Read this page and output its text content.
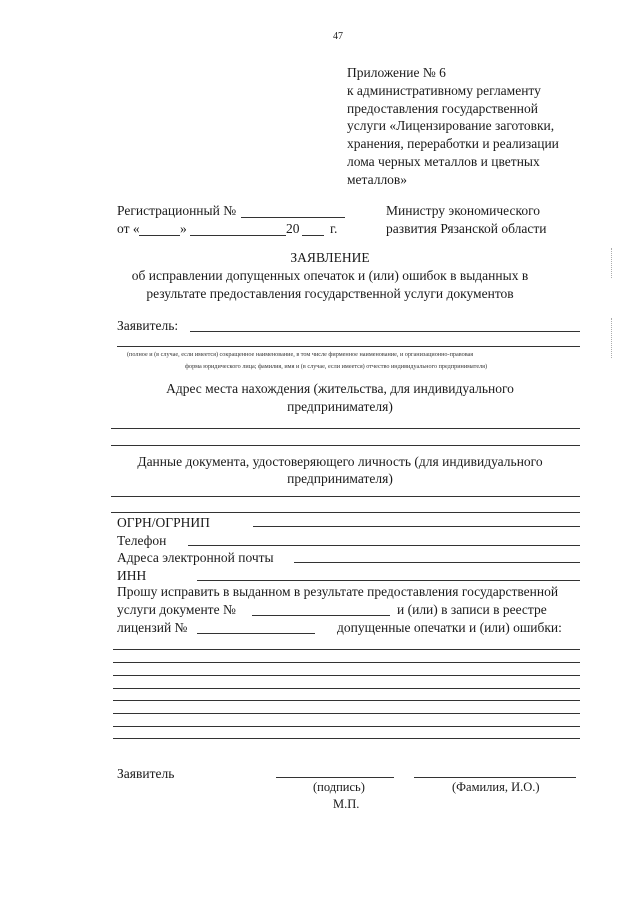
47
Приложение № 6
к административному регламенту
предоставления государственной
услуги «Лицензирование заготовки,
хранения, переработки и реализации
лома черных металлов и цветных
металлов»
Регистрационный №
от «	»	20 г.
Министру экономического
развития Рязанской области
ЗАЯВЛЕНИЕ
об исправлении допущенных опечаток и (или) ошибок в выданных в
результате предоставления государственной услуги документов
Заявитель:
(полное и (в случае, если имеется) сокращенное наименование, в том числе фирменное наименование, и организационно-правовая
форма юридического лица; фамилия, имя и (в случае, если имеется) отчество индивидуального предпринимателя)
Адрес места нахождения (жительства, для индивидуального
предпринимателя)
Данные документа, удостоверяющего личность (для индивидуального
предпринимателя)
ОГРН/ОГРНИП
Телефон
Адреса электронной почты
ИНН
Прошу исправить в выданном в результате предоставления государственной
услуги документе №	и (или) в записи в реестре
лицензий №	допущенные опечатки и (или) ошибки:
Заявитель
(подпись)	(Фамилия, И.О.)
М.П.
